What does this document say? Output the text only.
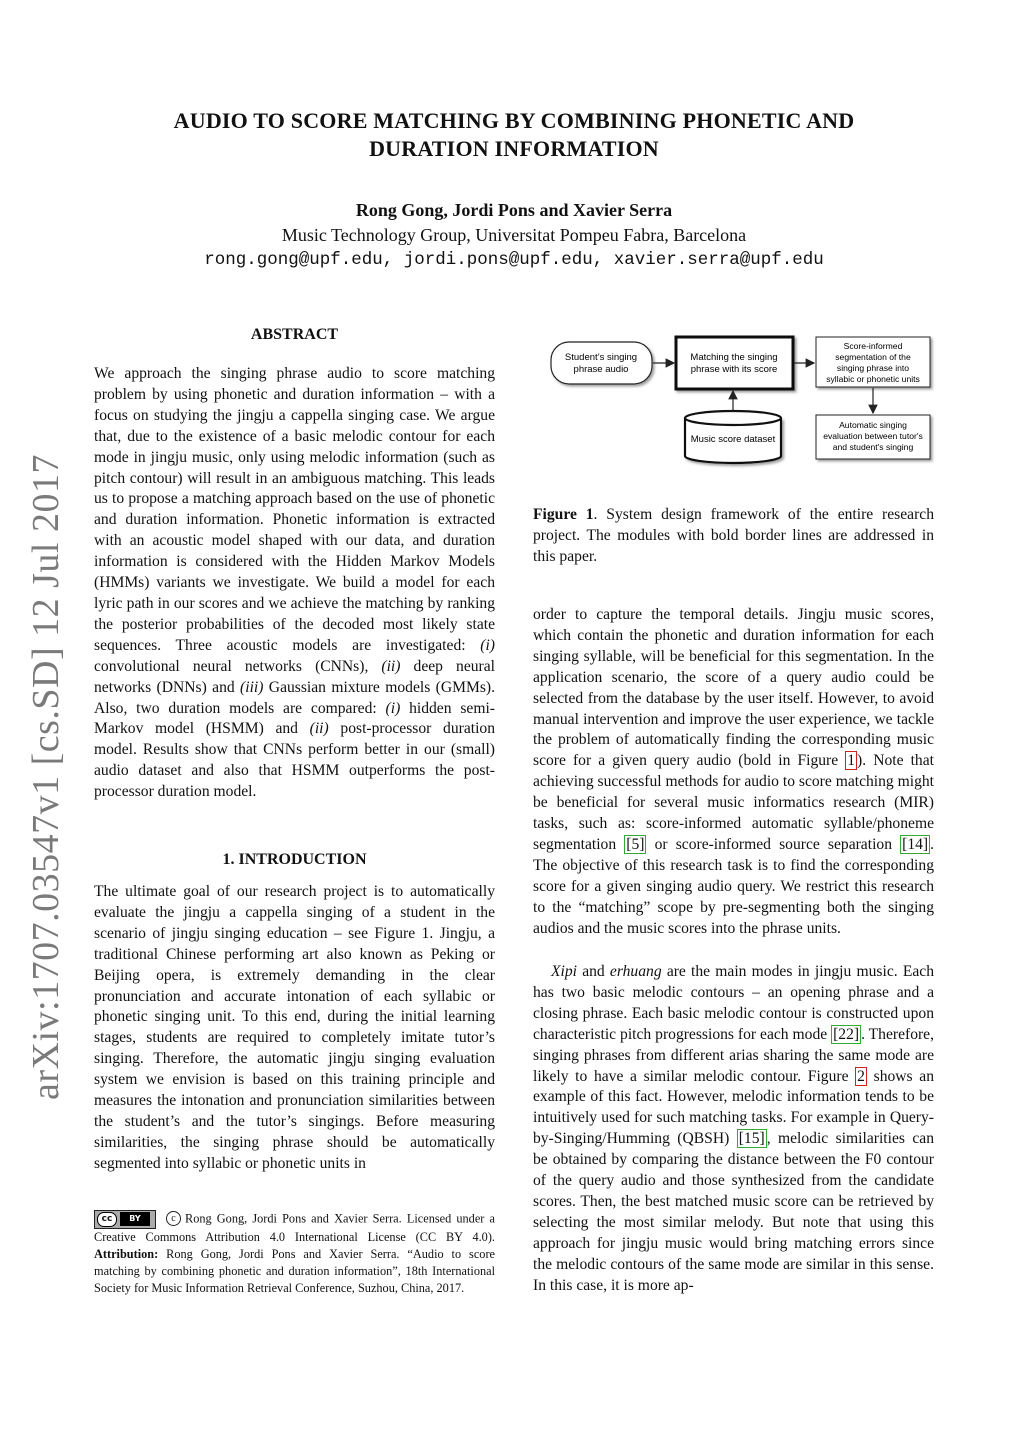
AUDIO TO SCORE MATCHING BY COMBINING PHONETIC AND
DURATION INFORMATION
Rong Gong, Jordi Pons and Xavier Serra
Music Technology Group, Universitat Pompeu Fabra, Barcelona
rong.gong@upf.edu, jordi.pons@upf.edu, xavier.serra@upf.edu
arXiv:1707.03547v1 [cs.SD] 12 Jul 2017
ABSTRACT
We approach the singing phrase audio to score matching problem by using phonetic and duration information – with a focus on studying the jingju a cappella singing case. We argue that, due to the existence of a basic melodic contour for each mode in jingju music, only using melodic information (such as pitch contour) will result in an ambiguous matching. This leads us to propose a matching approach based on the use of phonetic and duration information. Phonetic information is extracted with an acoustic model shaped with our data, and duration information is considered with the Hidden Markov Models (HMMs) variants we investigate. We build a model for each lyric path in our scores and we achieve the matching by ranking the posterior probabilities of the decoded most likely state sequences. Three acoustic models are investigated: (i) convolutional neural networks (CNNs), (ii) deep neural networks (DNNs) and (iii) Gaussian mixture models (GMMs). Also, two duration models are compared: (i) hidden semi-Markov model (HSMM) and (ii) post-processor duration model. Results show that CNNs perform better in our (small) audio dataset and also that HSMM outperforms the post-processor duration model.
1. INTRODUCTION
The ultimate goal of our research project is to automatically evaluate the jingju a cappella singing of a student in the scenario of jingju singing education – see Figure 1. Jingju, a traditional Chinese performing art also known as Peking or Beijing opera, is extremely demanding in the clear pronunciation and accurate intonation of each syllabic or phonetic singing unit. To this end, during the initial learning stages, students are required to completely imitate tutor’s singing. Therefore, the automatic jingju singing evaluation system we envision is based on this training principle and measures the intonation and pronunciation similarities between the student’s and the tutor’s singings. Before measuring similarities, the singing phrase should be automatically segmented into syllabic or phonetic units in
cc	BY	c Rong Gong, Jordi Pons and Xavier Serra. Licensed under a Creative Commons Attribution 4.0 International License (CC BY 4.0). Attribution: Rong Gong, Jordi Pons and Xavier Serra. “Audio to score matching by combining phonetic and duration information”, 18th International Society for Music Information Retrieval Conference, Suzhou, China, 2017.
Student’s singing
phrase audio
Matching the singing
phrase with its score
Score-informed
segmentation of the
singing phrase into
syllabic or phonetic units
Automatic singing
evaluation between tutor's
and student's singing
Music score dataset
Figure 1. System design framework of the entire research project. The modules with bold border lines are addressed in this paper.
order to capture the temporal details. Jingju music scores, which contain the phonetic and duration information for each singing syllable, will be beneficial for this segmentation. In the application scenario, the score of a query audio could be selected from the database by the user itself. However, to avoid manual intervention and improve the user experience, we tackle the problem of automatically finding the corresponding music score for a given query audio (bold in Figure 1 ). Note that achieving successful methods for audio to score matching might be beneficial for several music informatics research (MIR) tasks, such as: score-informed automatic syllable/phoneme segmentation [5] or score-informed source separation [14] . The objective of this research task is to find the corresponding score for a given singing audio query. We restrict this research to the “matching” scope by pre-segmenting both the singing audios and the music scores into the phrase units.
Xipi and erhuang are the main modes in jingju music. Each has two basic melodic contours – an opening phrase and a closing phrase. Each basic melodic contour is constructed upon characteristic pitch progressions for each mode [22] . Therefore, singing phrases from different arias sharing the same mode are likely to have a similar melodic contour. Figure 2 shows an example of this fact. However, melodic information tends to be intuitively used for such matching tasks. For example in Query-by-Singing/Humming (QBSH) [15] , melodic similarities can be obtained by comparing the distance between the F0 contour of the query audio and those synthesized from the candidate scores. Then, the best matched music score can be retrieved by selecting the most similar melody. But note that using this approach for jingju music would bring matching errors since the melodic contours of the same mode are similar in this sense. In this case, it is more ap-
